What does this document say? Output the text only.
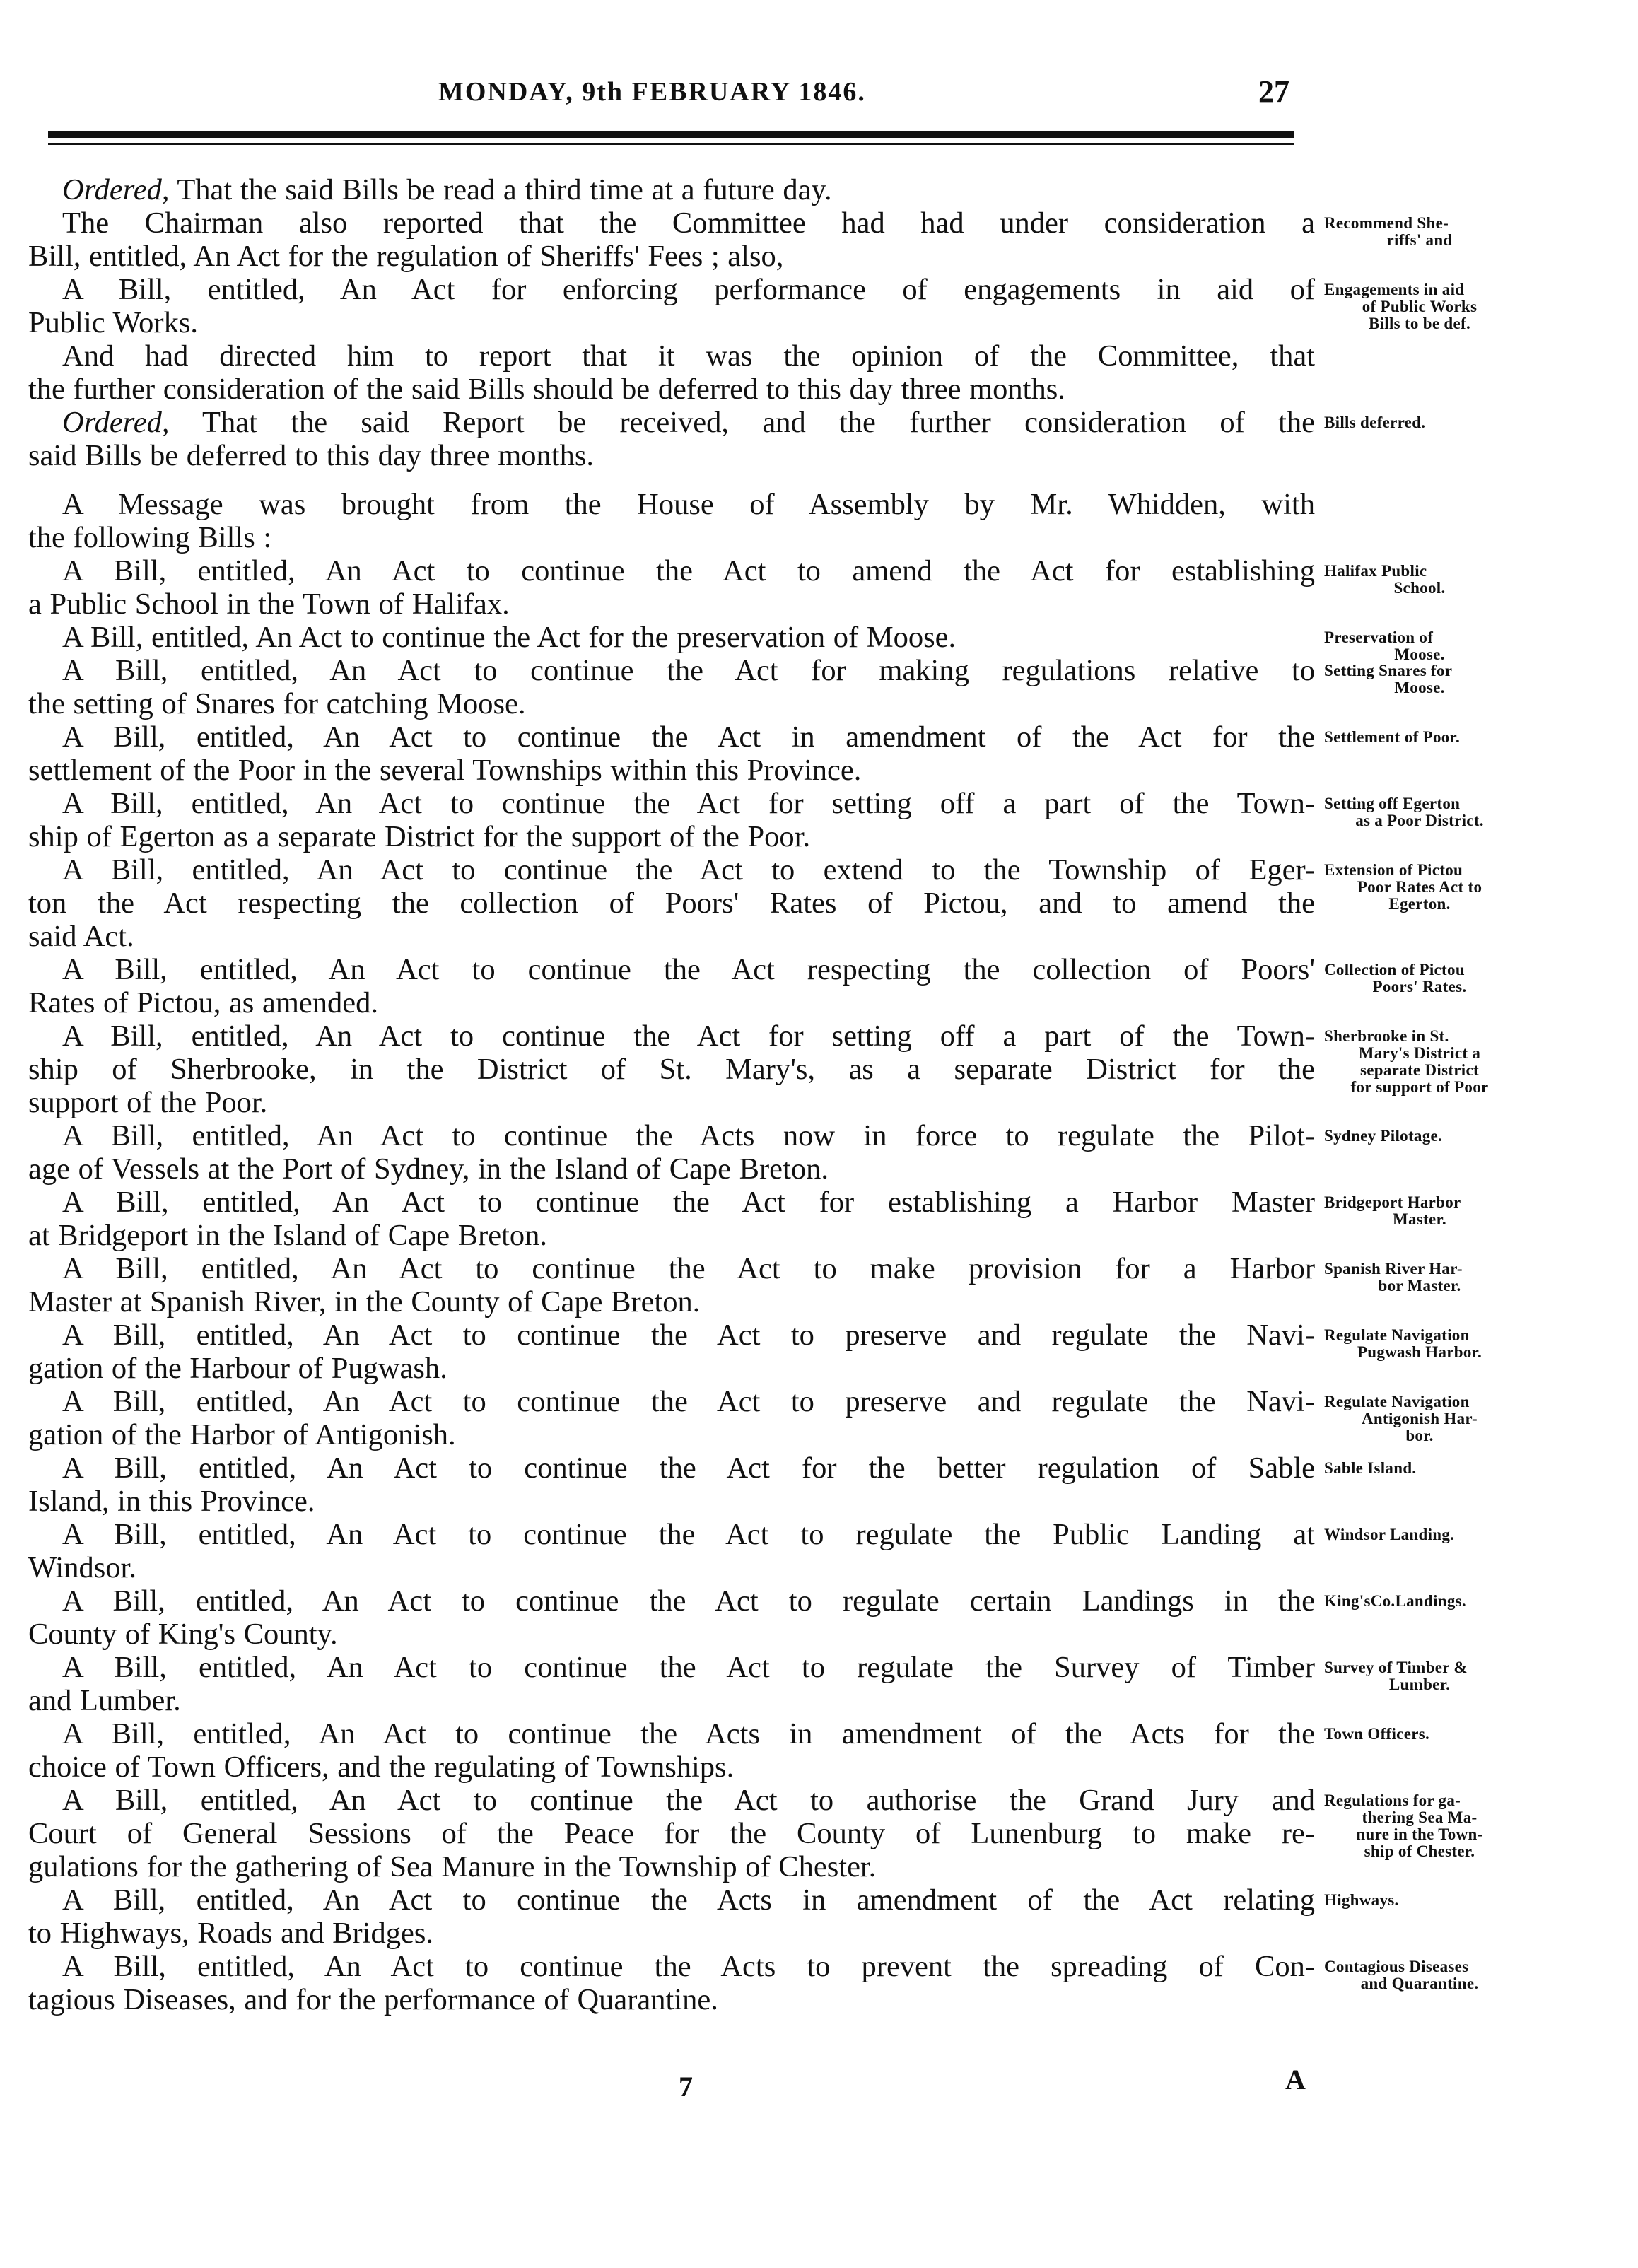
MONDAY, 9th FEBRUARY 1846.	27
Ordered, That the said Bills be read a third time at a future day.
The Chairman also reported that the Committee had had under consideration a
Bill, entitled, An Act for the regulation of Sheriffs' Fees ; also,
A Bill, entitled, An Act for enforcing performance of engagements in aid of
Public Works.
And had directed him to report that it was the opinion of the Committee, that
the further consideration of the said Bills should be deferred to this day three months.
Ordered, That the said Report be received, and the further consideration of the
said Bills be deferred to this day three months.
A Message was brought from the House of Assembly by Mr. Whidden, with
the following Bills :
A Bill, entitled, An Act to continue the Act to amend the Act for establishing
a Public School in the Town of Halifax.
A Bill, entitled, An Act to continue the Act for the preservation of Moose.
A Bill, entitled, An Act to continue the Act for making regulations relative to
the setting of Snares for catching Moose.
A Bill, entitled, An Act to continue the Act in amendment of the Act for the
settlement of the Poor in the several Townships within this Province.
A Bill, entitled, An Act to continue the Act for setting off a part of the Town-
ship of Egerton as a separate District for the support of the Poor.
A Bill, entitled, An Act to continue the Act to extend to the Township of Eger-
ton the Act respecting the collection of Poors' Rates of Pictou, and to amend the
said Act.
A Bill, entitled, An Act to continue the Act respecting the collection of Poors'
Rates of Pictou, as amended.
A Bill, entitled, An Act to continue the Act for setting off a part of the Town-
ship of Sherbrooke, in the District of St. Mary's, as a separate District for the
support of the Poor.
A Bill, entitled, An Act to continue the Acts now in force to regulate the Pilot-
age of Vessels at the Port of Sydney, in the Island of Cape Breton.
A Bill, entitled, An Act to continue the Act for establishing a Harbor Master
at Bridgeport in the Island of Cape Breton.
A Bill, entitled, An Act to continue the Act to make provision for a Harbor
Master at Spanish River, in the County of Cape Breton.
A Bill, entitled, An Act to continue the Act to preserve and regulate the Navi-
gation of the Harbour of Pugwash.
A Bill, entitled, An Act to continue the Act to preserve and regulate the Navi-
gation of the Harbor of Antigonish.
A Bill, entitled, An Act to continue the Act for the better regulation of Sable
Island, in this Province.
A Bill, entitled, An Act to continue the Act to regulate the Public Landing at
Windsor.
A Bill, entitled, An Act to continue the Act to regulate certain Landings in the
County of King's County.
A Bill, entitled, An Act to continue the Act to regulate the Survey of Timber
and Lumber.
A Bill, entitled, An Act to continue the Acts in amendment of the Acts for the
choice of Town Officers, and the regulating of Townships.
A Bill, entitled, An Act to continue the Act to authorise the Grand Jury and
Court of General Sessions of the Peace for the County of Lunenburg to make re-
gulations for the gathering of Sea Manure in the Township of Chester.
A Bill, entitled, An Act to continue the Acts in amendment of the Act relating
to Highways, Roads and Bridges.
A Bill, entitled, An Act to continue the Acts to prevent the spreading of Con-
tagious Diseases, and for the performance of Quarantine.
Recommend She-
riffs' and
Engagements in aid
of Public Works
Bills to be def.
Bills deferred.
Halifax Public
School.
Preservation of
Moose.
Setting Snares for
Moose.
Settlement of Poor.
Setting off Egerton
as a Poor District.
Extension of Pictou
Poor Rates Act to
Egerton.
Collection of Pictou
Poors' Rates.
Sherbrooke in St.
Mary's District a
separate District
for support of Poor
Sydney Pilotage.
Bridgeport Harbor
Master.
Spanish River Har-
bor Master.
Regulate Navigation
Pugwash Harbor.
Regulate Navigation
Antigonish Har-
bor.
Sable Island.
Windsor Landing.
King'sCo.Landings.
Survey of Timber &
Lumber.
Town Officers.
Regulations for ga-
thering Sea Ma-
nure in the Town-
ship of Chester.
Highways.
Contagious Diseases
and Quarantine.
7	A
